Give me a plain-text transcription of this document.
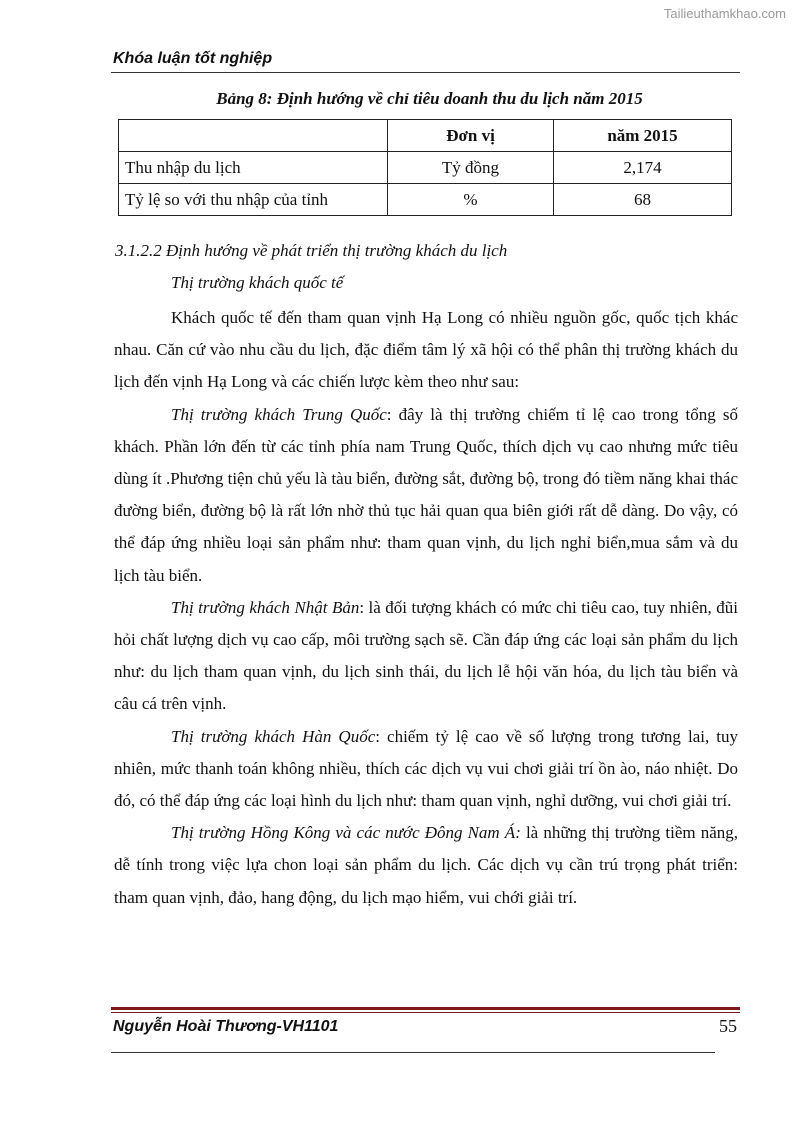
Tailieuthamkhao.com
Khóa luận tốt nghiệp
Bảng 8: Định hướng về chỉ tiêu doanh thu du lịch năm 2015
	Đơn vị	năm 2015
Thu nhập du lịch	Tỷ đồng	2,174
Tỷ lệ so với thu nhập của tỉnh	%	68
3.1.2.2 Định hướng về phát triển thị trường khách du lịch
Thị trường khách quốc tế

Khách quốc tế đến tham quan vịnh Hạ Long có nhiều nguồn gốc, quốc tịch khác nhau. Căn cứ vào nhu cầu du lịch, đặc điểm tâm lý xã hội có thể phân thị trường khách du lịch đến vịnh Hạ Long và các chiến lược kèm theo như sau:

Thị trường khách Trung Quốc: đây là thị trường chiếm tỉ lệ cao trong tổng số khách. Phần lớn đến từ các tỉnh phía nam Trung Quốc, thích dịch vụ cao nhưng mức tiêu dùng ít .Phương tiện chủ yếu là tàu biển, đường sắt, đường bộ, trong đó tiềm năng khai thác đường biển, đường bộ là rất lớn nhờ thủ tục hải quan qua biên giới rất dễ dàng. Do vậy, có thể đáp ứng nhiều loại sản phẩm như: tham quan vịnh, du lịch nghỉ biển,mua sắm và du lịch tàu biển.

Thị trường khách Nhật Bản: là đối tượng khách có mức chi tiêu cao, tuy nhiên, đũi hỏi chất lượng dịch vụ cao cấp, môi trường sạch sẽ. Cần đáp ứng các loại sản phẩm du lịch như: du lịch tham quan vịnh, du lịch sinh thái, du lịch lễ hội văn hóa, du lịch tàu biển và câu cá trên vịnh.

Thị trường khách Hàn Quốc: chiếm tỷ lệ cao về số lượng trong tương lai, tuy nhiên, mức thanh toán không nhiều, thích các dịch vụ vui chơi giải trí ồn ào, náo nhiệt. Do đó, có thể đáp ứng các loại hình du lịch như: tham quan vịnh, nghỉ dưỡng, vui chơi giải trí.

Thị trường Hồng Kông và các nước Đông Nam Á: là những thị trường tiềm năng, dễ tính trong việc lựa chon loại sản phẩm du lịch. Các dịch vụ cần trú trọng phát triển: tham quan vịnh, đảo, hang động, du lịch mạo hiểm, vui chới giải trí.

Nguyễn Hoài Thương-VH1101	55
